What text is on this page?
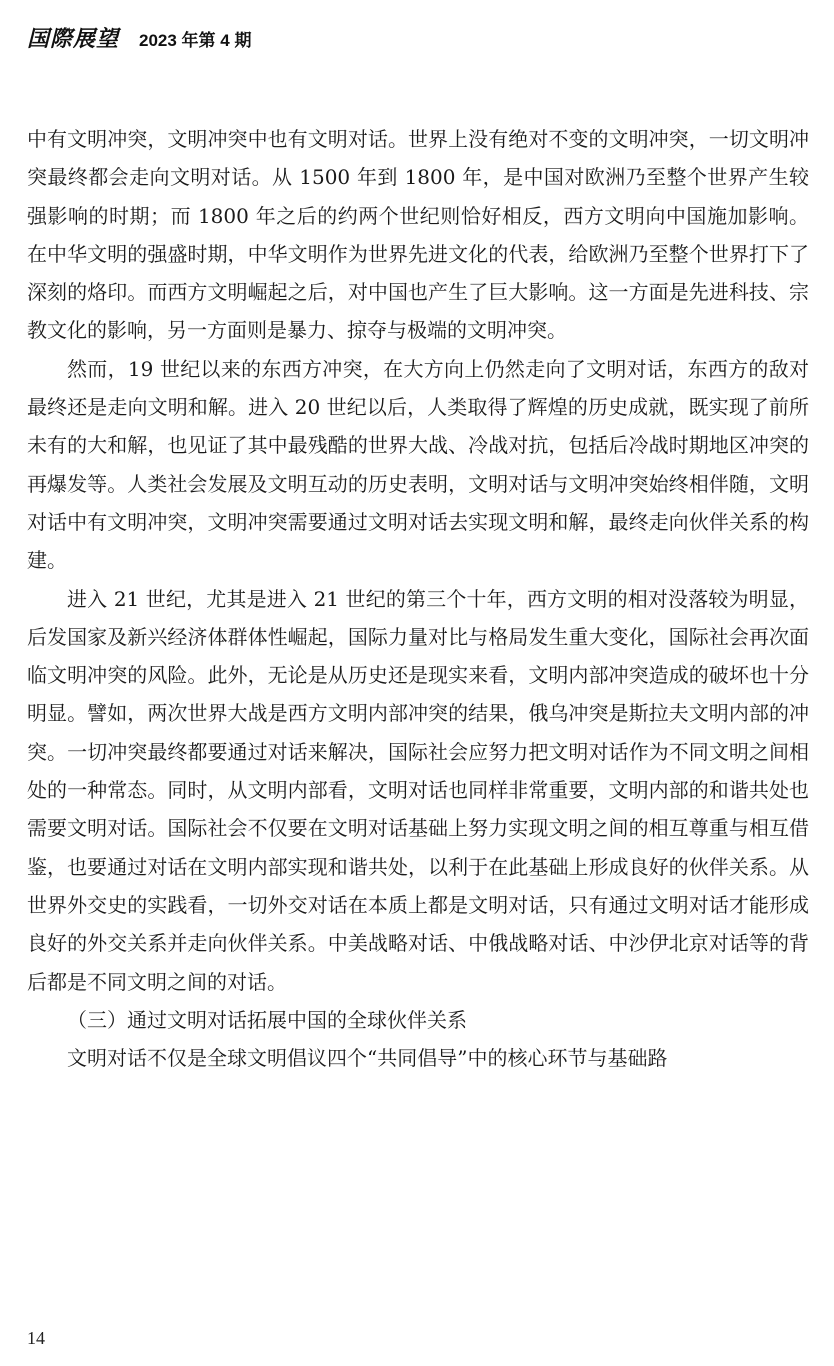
国際展望 2023 年第 4 期

中有文明冲突，文明冲突中也有文明对话。世界上没有绝对不变的文明冲突，一切文明冲突最终都会走向文明对话。从 1500 年到 1800 年，是中国对欧洲乃至整个世界产生较强影响的时期；而 1800 年之后的约两个世纪则恰好相反，西方文明向中国施加影响。在中华文明的强盛时期，中华文明作为世界先进文化的代表，给欧洲乃至整个世界打下了深刻的烙印。而西方文明崛起之后，对中国也产生了巨大影响。这一方面是先进科技、宗教文化的影响，另一方面则是暴力、掠夺与极端的文明冲突。

然而，19 世纪以来的东西方冲突，在大方向上仍然走向了文明对话，东西方的敌对最终还是走向文明和解。进入 20 世纪以后，人类取得了辉煌的历史成就，既实现了前所未有的大和解，也见证了其中最残酷的世界大战、冷战对抗，包括后冷战时期地区冲突的再爆发等。人类社会发展及文明互动的历史表明，文明对话与文明冲突始终相伴随，文明对话中有文明冲突，文明冲突需要通过文明对话去实现文明和解，最终走向伙伴关系的构建。

进入 21 世纪，尤其是进入 21 世纪的第三个十年，西方文明的相对没落较为明显，后发国家及新兴经济体群体性崛起，国际力量对比与格局发生重大变化，国际社会再次面临文明冲突的风险。此外，无论是从历史还是现实来看，文明内部冲突造成的破坏也十分明显。譬如，两次世界大战是西方文明内部冲突的结果，俄乌冲突是斯拉夫文明内部的冲突。一切冲突最终都要通过对话来解决，国际社会应努力把文明对话作为不同文明之间相处的一种常态。同时，从文明内部看，文明对话也同样非常重要，文明内部的和谐共处也需要文明对话。国际社会不仅要在文明对话基础上努力实现文明之间的相互尊重与相互借鉴，也要通过对话在文明内部实现和谐共处，以利于在此基础上形成良好的伙伴关系。从世界外交史的实践看，一切外交对话在本质上都是文明对话，只有通过文明对话才能形成良好的外交关系并走向伙伴关系。中美战略对话、中俄战略对话、中沙伊北京对话等的背后都是不同文明之间的对话。

（三）通过文明对话拓展中国的全球伙伴关系

文明对话不仅是全球文明倡议四个“共同倡导”中的核心环节与基础路

14
